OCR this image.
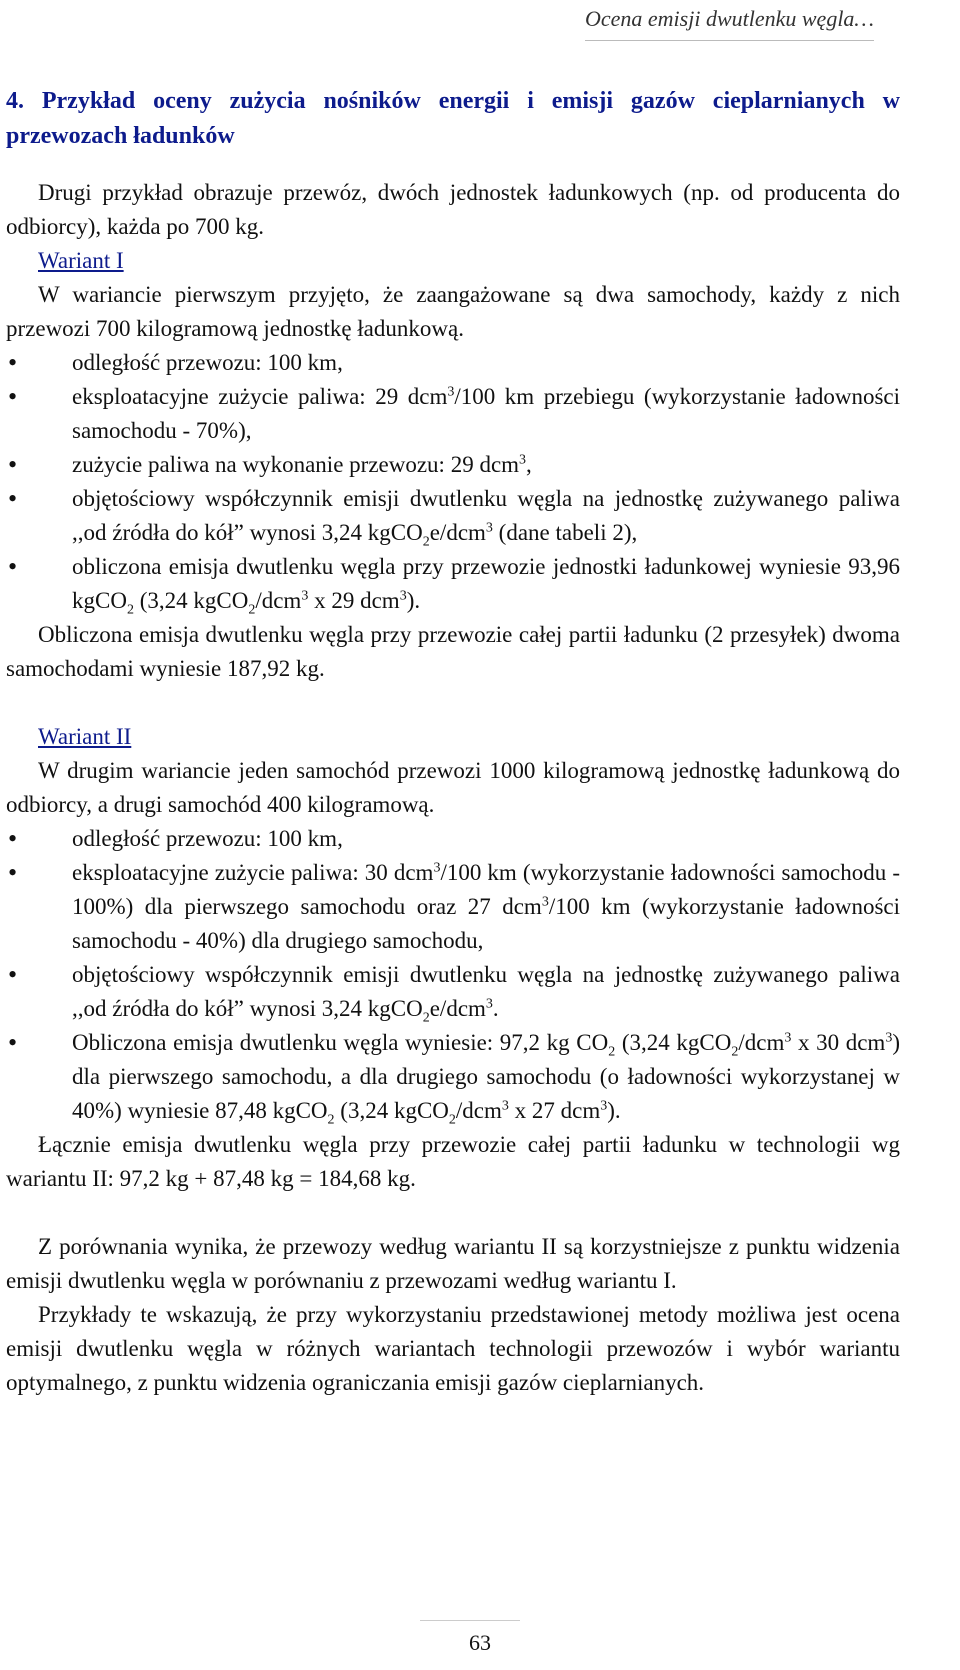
Ocena emisji dwutlenku węgla…
4. Przykład oceny zużycia nośników energii i emisji gazów cieplarnianych w przewozach ładunków

Drugi przykład obrazuje przewóz, dwóch jednostek ładunkowych (np. od producenta do odbiorcy), każda po 700 kg.

Wariant I

W wariancie pierwszym przyjęto, że zaangażowane są dwa samochody, każdy z nich przewozi 700 kilogramową jednostkę ładunkową.

• odległość przewozu: 100 km,
• eksploatacyjne zużycie paliwa: 29 dcm$^3$/100 km przebiegu (wykorzystanie ładowności samochodu - 70%),
• zużycie paliwa na wykonanie przewozu: 29 dcm$^3$,
• objętościowy współczynnik emisji dwutlenku węgla na jednostkę zużywanego paliwa ,,od źródła do kół” wynosi 3,24 kgCO$_2$e/dcm$^3$ (dane tabeli 2),
• obliczona emisja dwutlenku węgla przy przewozie jednostki ładunkowej wyniesie 93,96 kgCO$_2$ (3,24 kgCO$_2$/dcm$^3$ x 29 dcm$^3$).

Obliczona emisja dwutlenku węgla przy przewozie całej partii ładunku (2 przesyłek) dwoma samochodami wyniesie 187,92 kg.

Wariant II

W drugim wariancie jeden samochód przewozi 1000 kilogramową jednostkę ładunkową do odbiorcy, a drugi samochód 400 kilogramową.

• odległość przewozu: 100 km,
• eksploatacyjne zużycie paliwa: 30 dcm$^3$/100 km (wykorzystanie ładowności samochodu - 100%) dla pierwszego samochodu oraz 27 dcm$^3$/100 km (wykorzystanie ładowności samochodu - 40%) dla drugiego samochodu,
• objętościowy współczynnik emisji dwutlenku węgla na jednostkę zużywanego paliwa ,,od źródła do kół” wynosi 3,24 kgCO$_2$e/dcm$^3$.
• Obliczona emisja dwutlenku węgla wyniesie: 97,2 kg $CO_2$ (3,24 kgCO$_2$/dcm$^3$ x 30 dcm$^3$) dla pierwszego samochodu, a dla drugiego samochodu (o ładowności wykorzystanej w 40%) wyniesie 87,48 kgCO$_2$ (3,24 kgCO$_2$/dcm$^3$ x 27 dcm$^3$).

Łącznie emisja dwutlenku węgla przy przewozie całej partii ładunku w technologii wg wariantu II: 97,2 kg + 87,48 kg = 184,68 kg.

Z porównania wynika, że przewozy według wariantu II są korzystniejsze z punktu widzenia emisji dwutlenku węgla w porównaniu z przewozami według wariantu I.

Przykłady te wskazują, że przy wykorzystaniu przedstawionej metody możliwa jest ocena emisji dwutlenku węgla w różnych wariantach technologii przewozów i wybór wariantu optymalnego, z punktu widzenia ograniczania emisji gazów cieplarnianych.

63
